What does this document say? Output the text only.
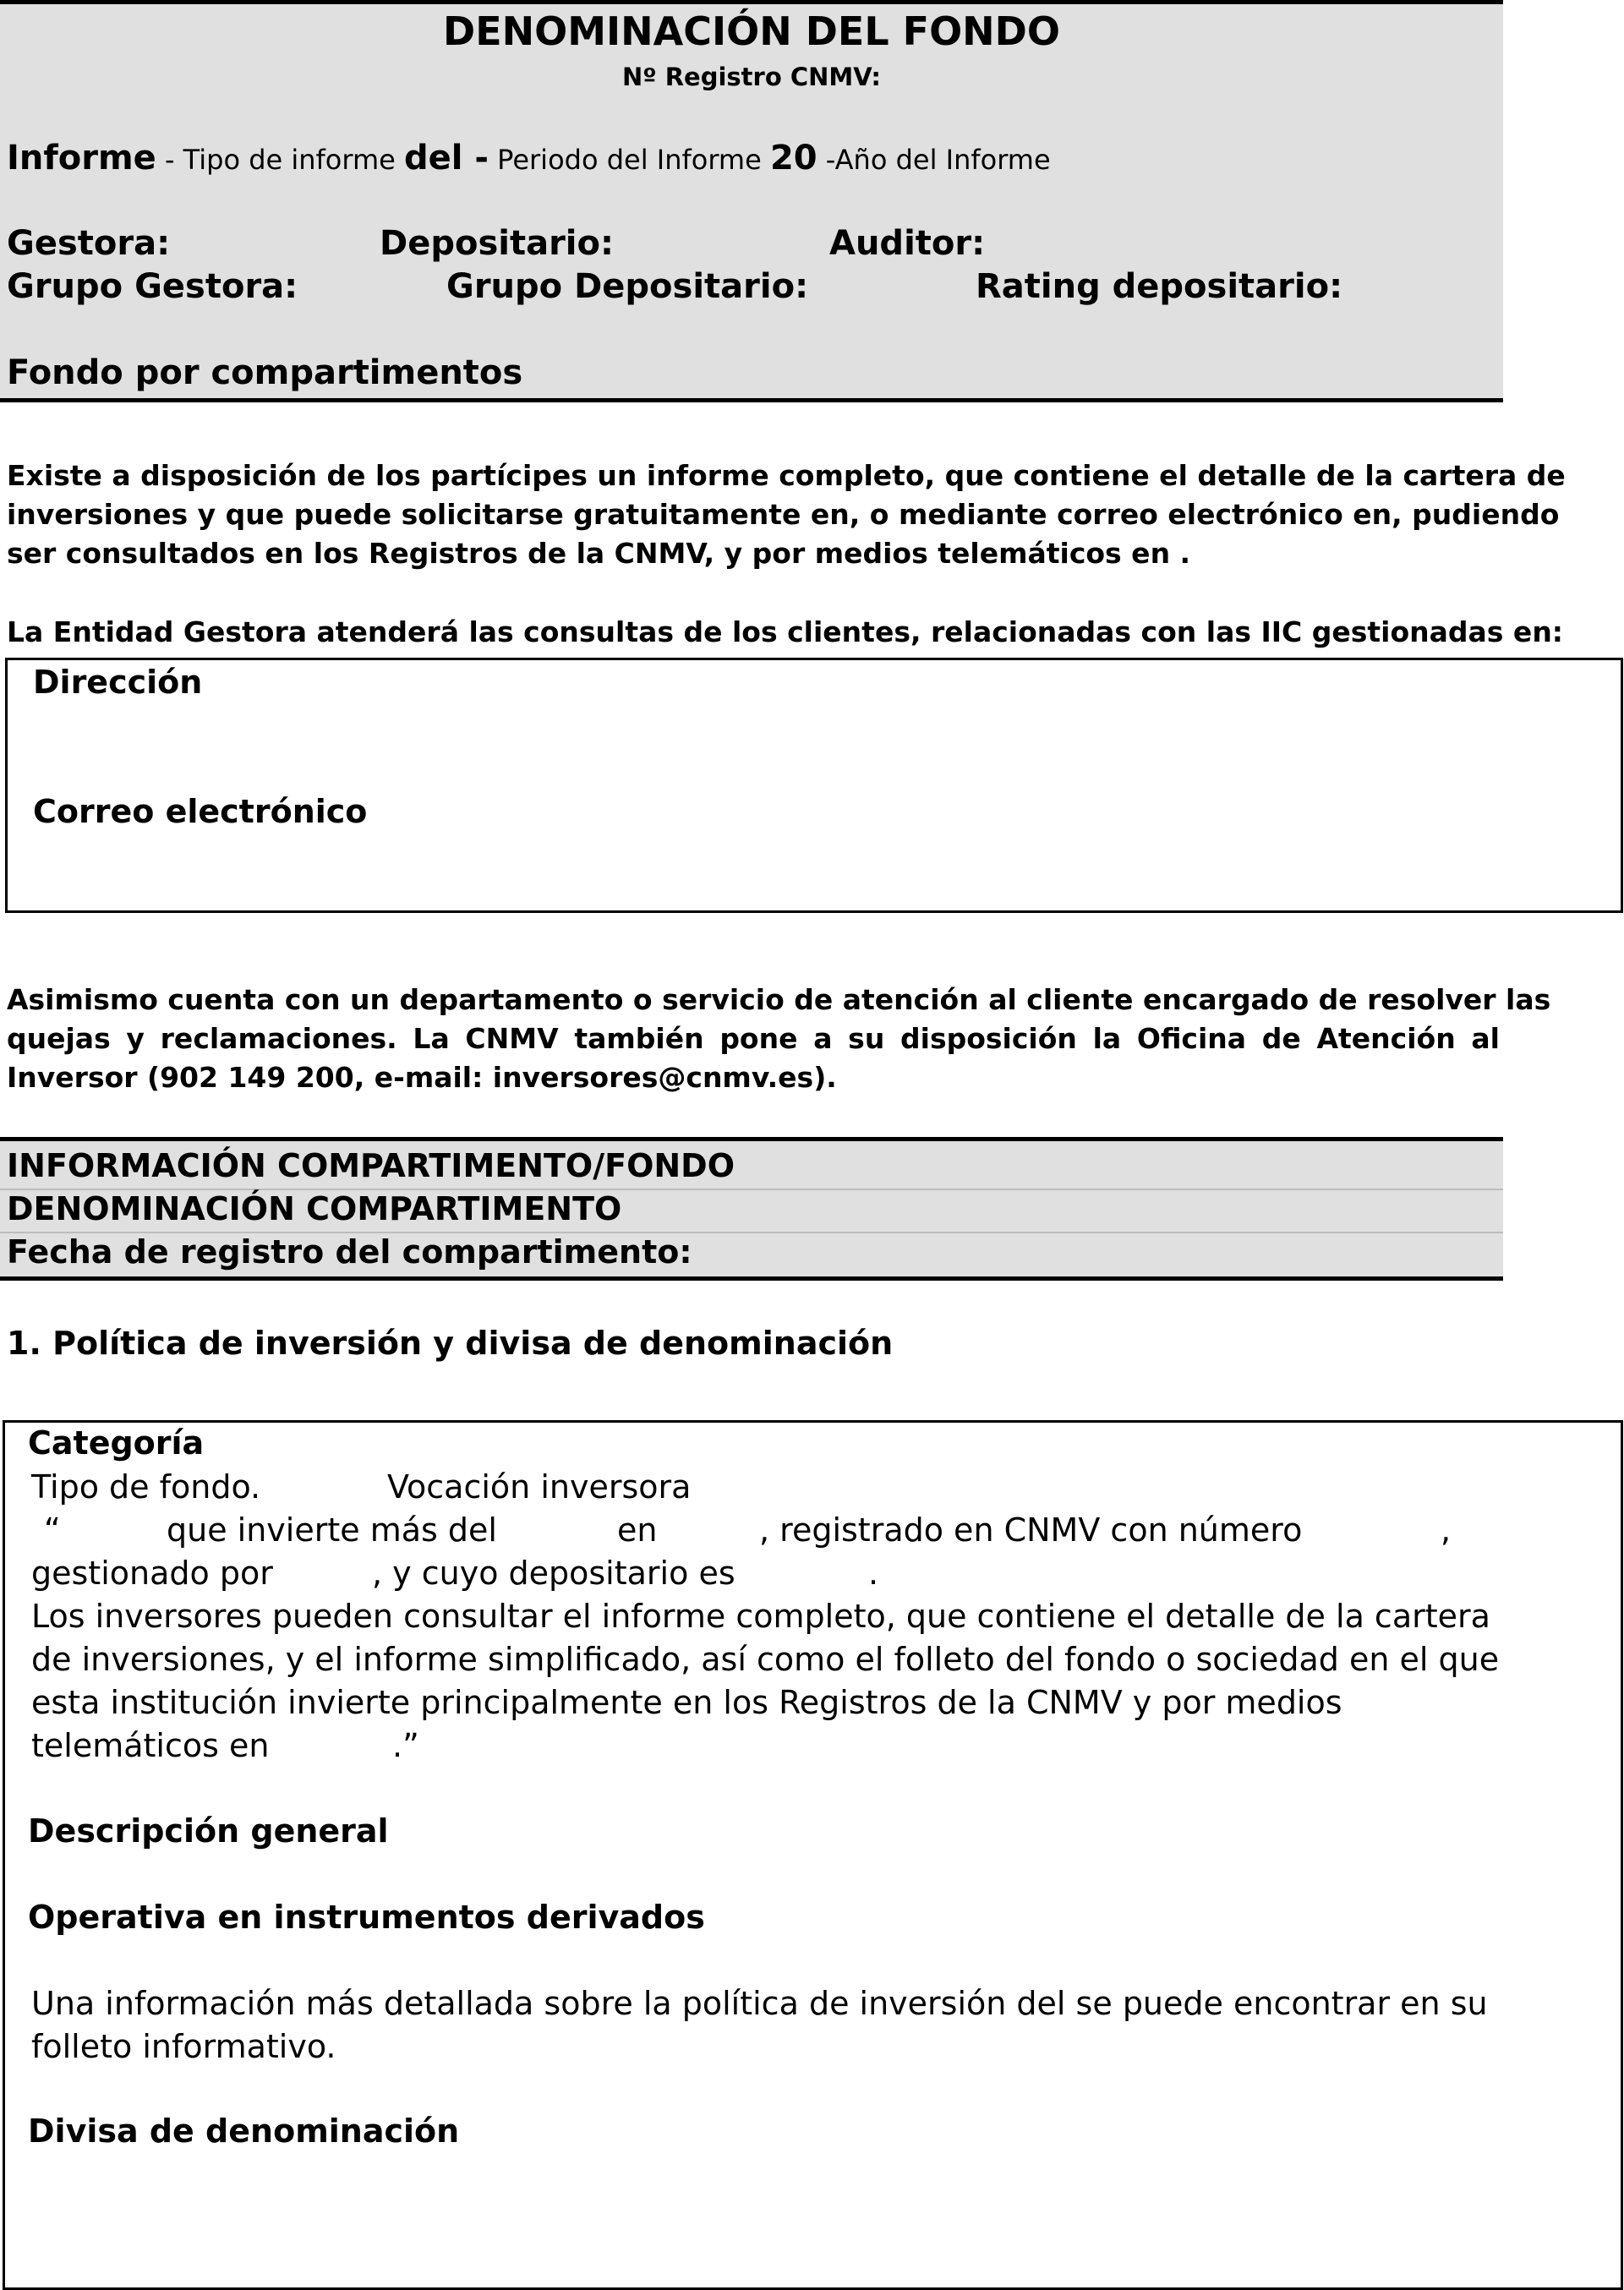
DENOMINACIÓN DEL FONDO
Nº Registro CNMV:
Informe - Tipo de informe del - Periodo del Informe 20 -Año del Informe
Gestora:	Depositario:	Auditor:
Grupo Gestora:	Grupo Depositario:	Rating depositario:
Fondo por compartimentos
Existe a disposición de los partícipes un informe completo, que contiene el detalle de la cartera de
inversiones y que puede solicitarse gratuitamente en, o mediante correo electrónico en, pudiendo
ser consultados en los Registros de la CNMV, y por medios telemáticos en .
La Entidad Gestora atenderá las consultas de los clientes, relacionadas con las IIC gestionadas en:
Dirección
Correo electrónico
Asimismo cuenta con un departamento o servicio de atención al cliente encargado de resolver las
quejas y reclamaciones. La CNMV también pone a su disposición la Oficina de Atención al
Inversor (902 149 200, e-mail: inversores@cnmv.es).
INFORMACIÓN COMPARTIMENTO/FONDO
DENOMINACIÓN COMPARTIMENTO
Fecha de registro del compartimento:
1. Política de inversión y divisa de denominación
Categoría
Tipo de fondo.	Vocación inversora
“	que invierte más del	en	, registrado en CNMV con número	,
gestionado por	, y cuyo depositario es	.
Los inversores pueden consultar el informe completo, que contiene el detalle de la cartera
de inversiones, y el informe simplificado, así como el folleto del fondo o sociedad en el que
esta institución invierte principalmente en los Registros de la CNMV y por medios
telemáticos en	.”
Descripción general
Operativa en instrumentos derivados
Una información más detallada sobre la política de inversión del se puede encontrar en su
folleto informativo.
Divisa de denominación
